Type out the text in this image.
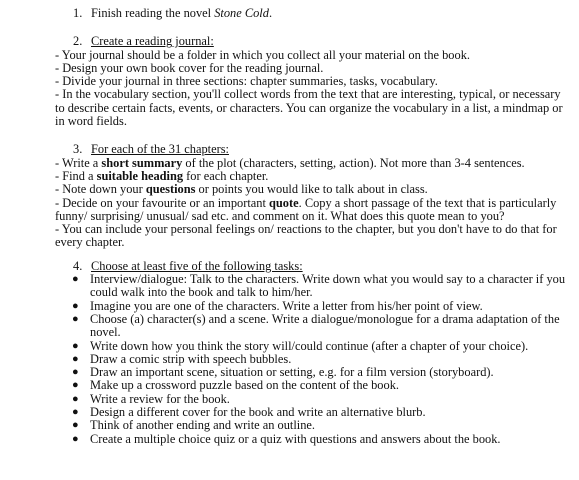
1. Finish reading the novel Stone Cold.
2. Create a reading journal:
- Your journal should be a folder in which you collect all your material on the book.
- Design your own book cover for the reading journal.
- Divide your journal in three sections: chapter summaries, tasks, vocabulary.
- In the vocabulary section, you'll collect words from the text that are interesting, typical, or necessary to describe certain facts, events, or characters. You can organize the vocabulary in a list, a mindmap or in word fields.
3. For each of the 31 chapters:
- Write a short summary of the plot (characters, setting, action). Not more than 3-4 sentences.
- Find a suitable heading for each chapter.
- Note down your questions or points you would like to talk about in class.
- Decide on your favourite or an important quote. Copy a short passage of the text that is particularly funny/ surprising/ unusual/ sad etc. and comment on it. What does this quote mean to you?
- You can include your personal feelings on/ reactions to the chapter, but you don't have to do that for every chapter.
4. Choose at least five of the following tasks:
● Interview/dialogue: Talk to the characters. Write down what you would say to a character if you could walk into the book and talk to him/her.
● Imagine you are one of the characters. Write a letter from his/her point of view.
● Choose (a) character(s) and a scene. Write a dialogue/monologue for a drama adaptation of the novel.
● Write down how you think the story will/could continue (after a chapter of your choice).
● Draw a comic strip with speech bubbles.
● Draw an important scene, situation or setting, e.g. for a film version (storyboard).
● Make up a crossword puzzle based on the content of the book.
● Write a review for the book.
● Design a different cover for the book and write an alternative blurb.
● Think of another ending and write an outline.
● Create a multiple choice quiz or a quiz with questions and answers about the book.
